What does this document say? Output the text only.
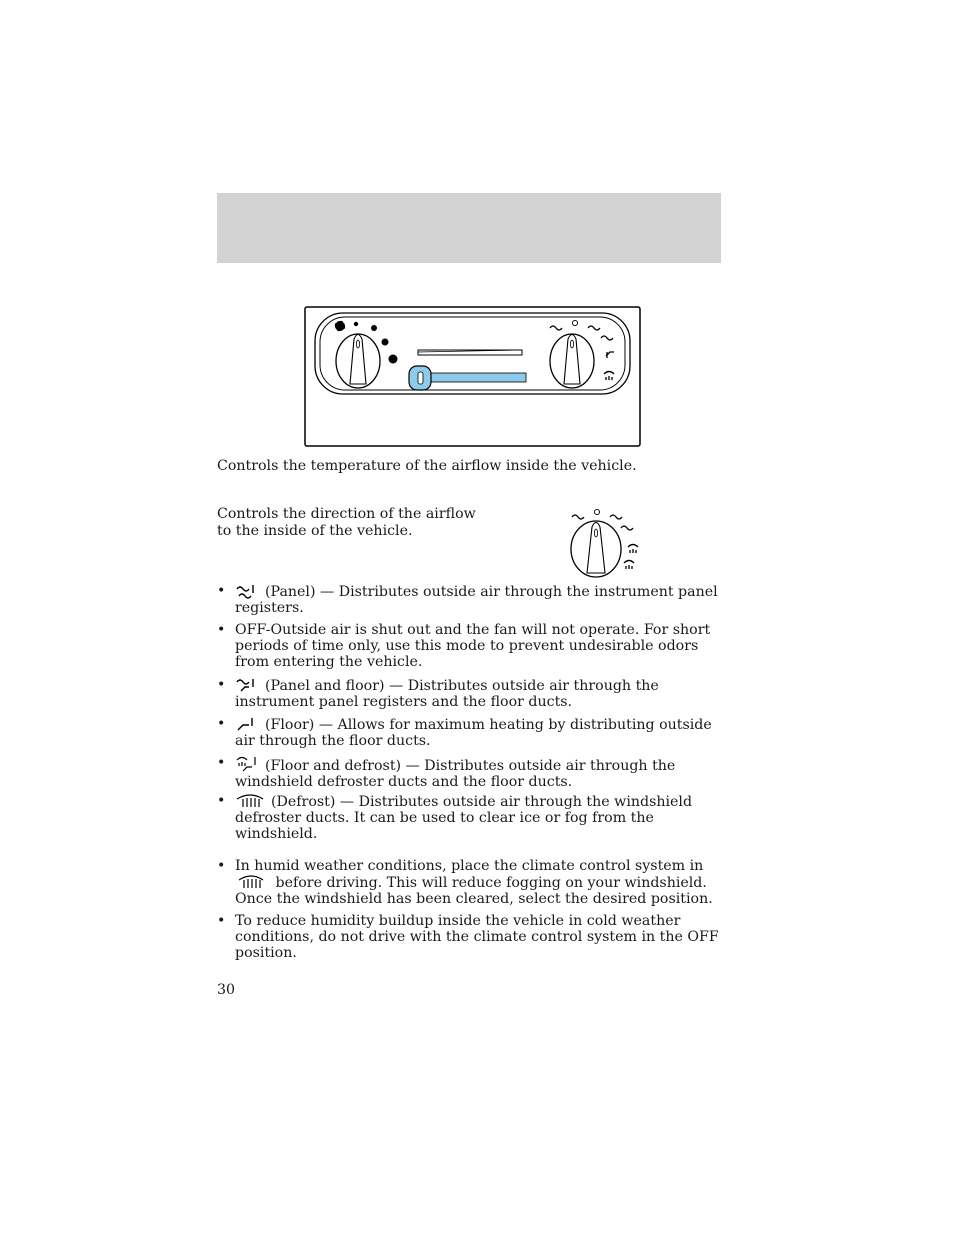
Controls the temperature of the airflow inside the vehicle.
Controls the direction of the airflow
to the inside of the vehicle.
•	(Panel) — Distributes outside air through the instrument panel registers.
• OFF-Outside air is shut out and the fan will not operate. For short periods of time only, use this mode to prevent undesirable odors from entering the vehicle.
•	(Panel and floor) — Distributes outside air through the instrument panel registers and the floor ducts.
•	(Floor) — Allows for maximum heating by distributing outside air through the floor ducts.
•	(Floor and defrost) — Distributes outside air through the windshield defroster ducts and the floor ducts.
•	(Defrost) — Distributes outside air through the windshield defroster ducts. It can be used to clear ice or fog from the windshield.
• In humid weather conditions, place the climate control system in
before driving. This will reduce fogging on your windshield. Once the windshield has been cleared, select the desired position.
• To reduce humidity buildup inside the vehicle in cold weather conditions, do not drive with the climate control system in the OFF position.
30
